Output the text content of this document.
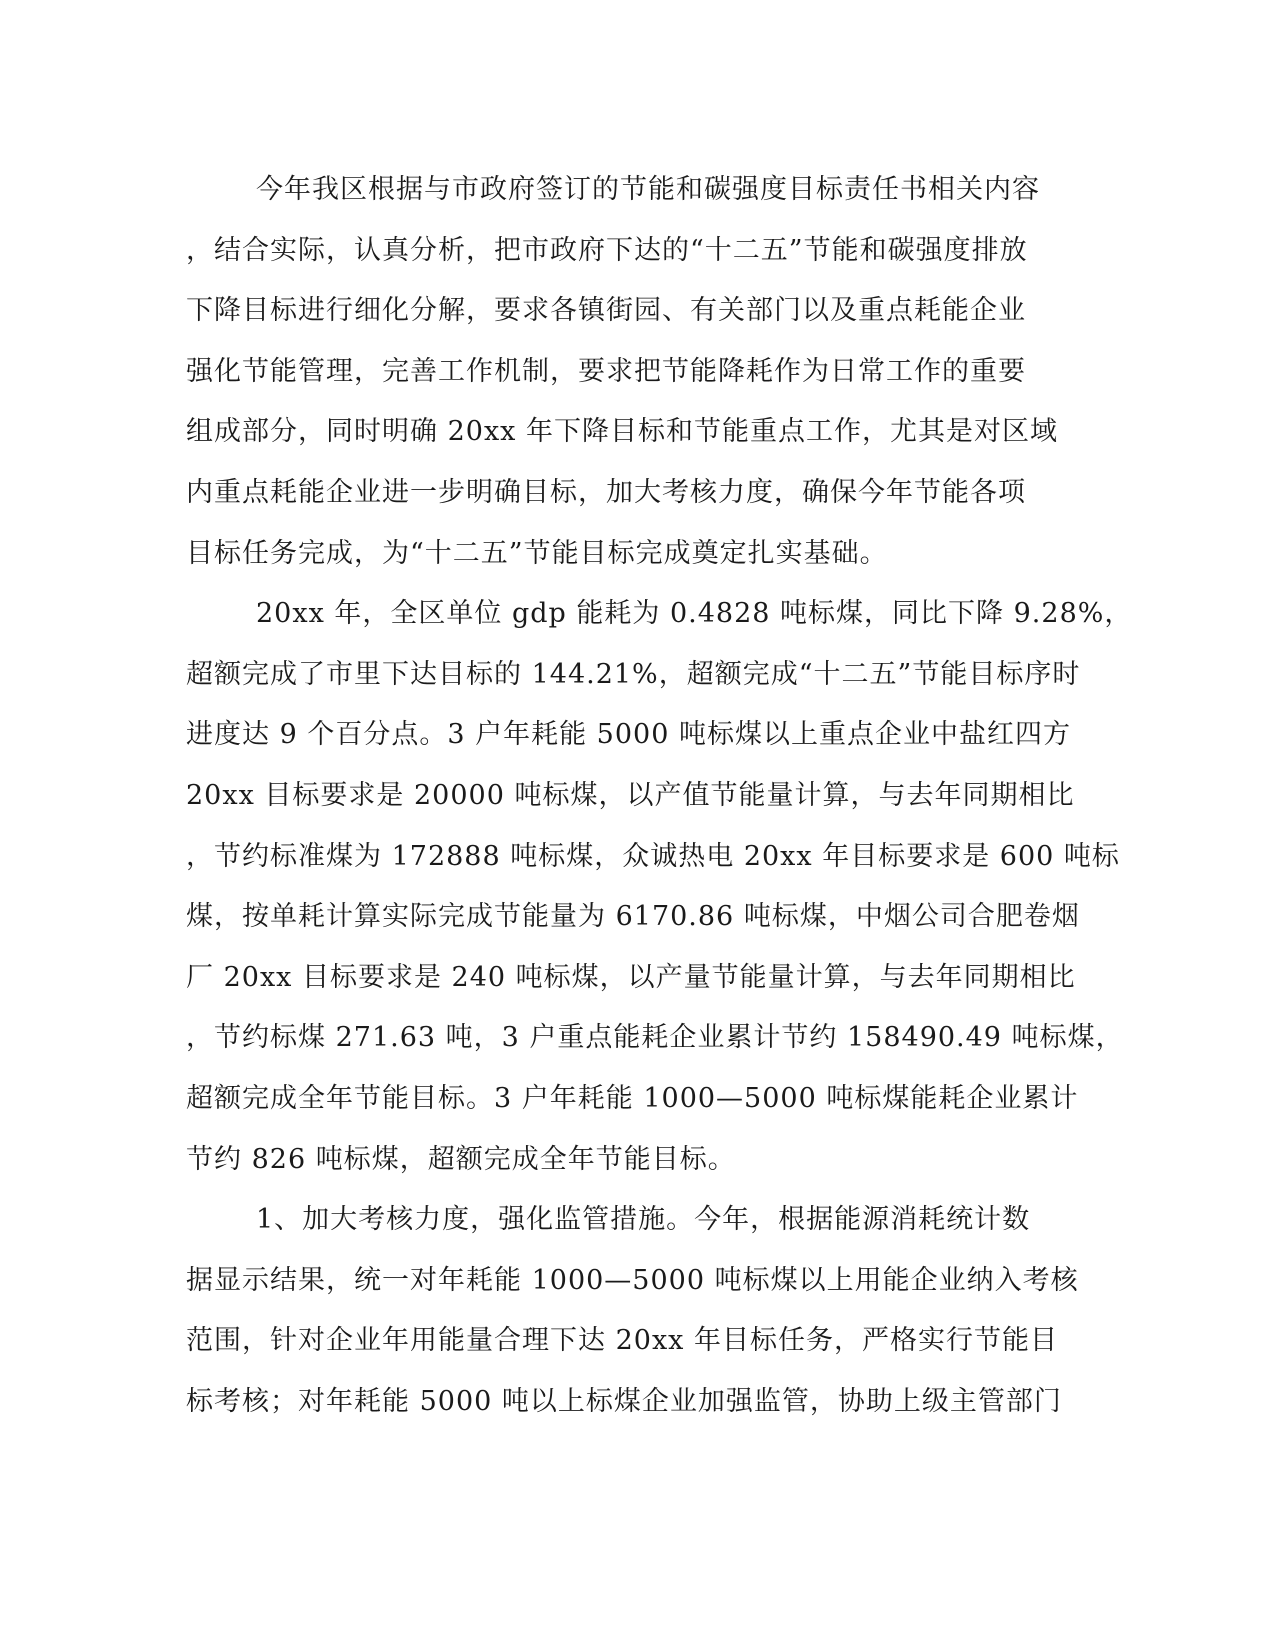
今年我区根据与市政府签订的节能和碳强度目标责任书相关内容
，结合实际，认真分析，把市政府下达的“十二五”节能和碳强度排放
下降目标进行细化分解，要求各镇街园、有关部门以及重点耗能企业
强化节能管理，完善工作机制，要求把节能降耗作为日常工作的重要
组成部分，同时明确 20xx 年下降目标和节能重点工作，尤其是对区域
内重点耗能企业进一步明确目标，加大考核力度，确保今年节能各项
目标任务完成，为“十二五”节能目标完成奠定扎实基础。
20xx 年，全区单位 gdp 能耗为 0.4828 吨标煤，同比下降 9.28%，
超额完成了市里下达目标的 144.21%，超额完成“十二五”节能目标序时
进度达 9 个百分点。3 户年耗能 5000 吨标煤以上重点企业中盐红四方
20xx 目标要求是 20000 吨标煤，以产值节能量计算，与去年同期相比
，节约标准煤为 172888 吨标煤，众诚热电 20xx 年目标要求是 600 吨标
煤，按单耗计算实际完成节能量为 6170.86 吨标煤，中烟公司合肥卷烟
厂 20xx 目标要求是 240 吨标煤，以产量节能量计算，与去年同期相比
，节约标煤 271.63 吨，3 户重点能耗企业累计节约 158490.49 吨标煤，
超额完成全年节能目标。3 户年耗能 1000—5000 吨标煤能耗企业累计
节约 826 吨标煤，超额完成全年节能目标。
1、加大考核力度，强化监管措施。今年，根据能源消耗统计数
据显示结果，统一对年耗能 1000—5000 吨标煤以上用能企业纳入考核
范围，针对企业年用能量合理下达 20xx 年目标任务，严格实行节能目
标考核；对年耗能 5000 吨以上标煤企业加强监管，协助上级主管部门
